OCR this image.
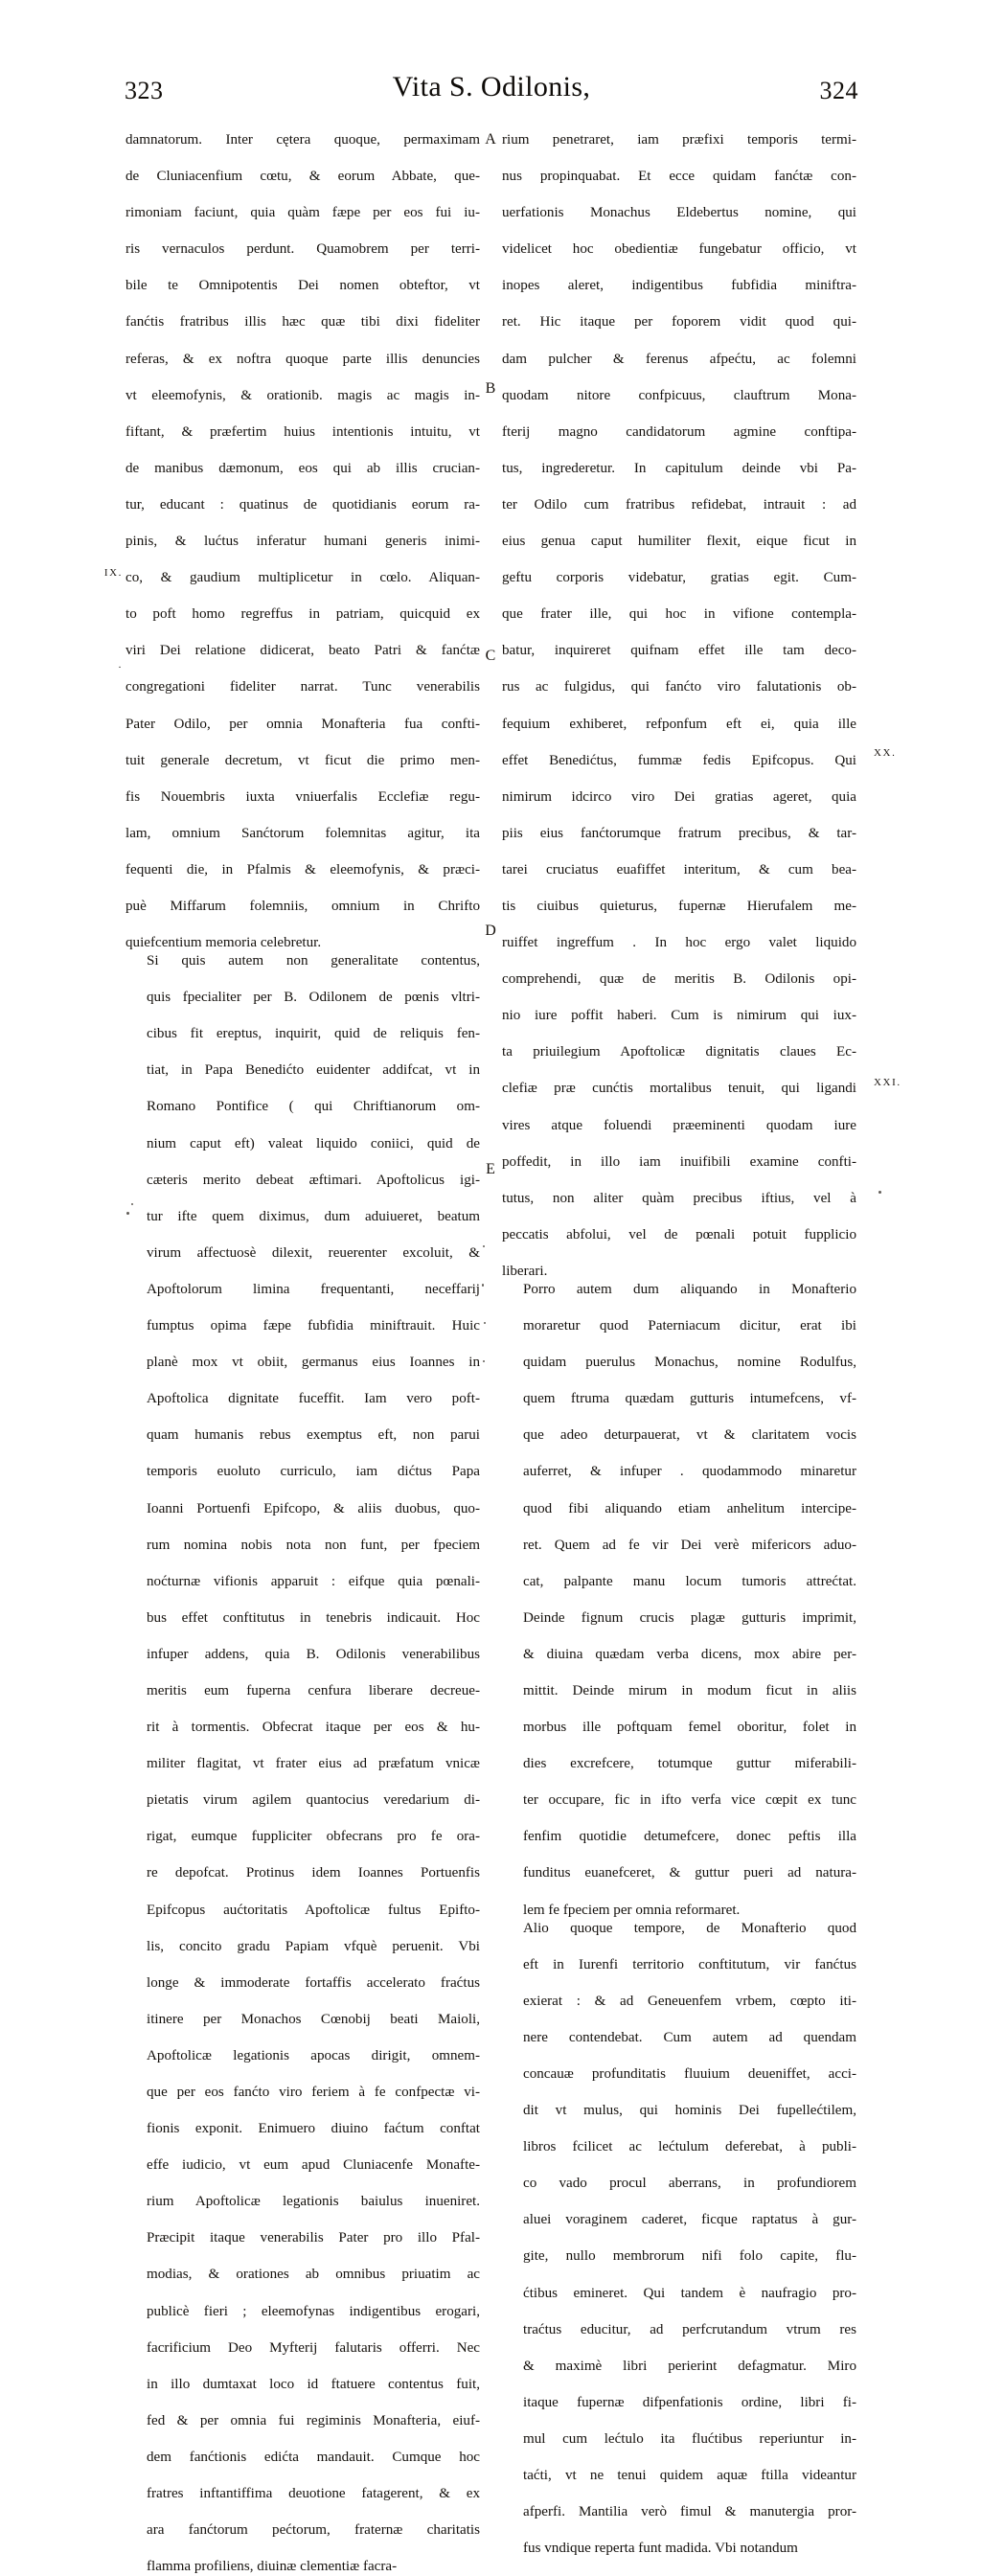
323	Vita S. Odilonis,	324

damnatorum. Inter cętera quoque, permaximam
de Cluniacenfium cœtu, & eorum Abbate, que-
rimoniam faciunt, quia quàm fæpe per eos fui iu-
ris vernaculos perdunt. Quamobrem per terri-
bile te Omnipotentis Dei nomen obteftor, vt
fanćtis fratribus illis hæc quæ tibi dixi fideliter
referas, & ex noftra quoque parte illis denuncies
vt eleemofynis, & orationib. magis ac magis in-
fiftant, & præfertim huius intentionis intuitu, vt
de manibus dæmonum, eos qui ab illis crucian-
tur, educant : quatinus de quotidianis eorum ra-
pinis, & lućtus inferatur humani generis inimi-
co, & gaudium multiplicetur in cœlo. Aliquan-
to poft homo regreffus in patriam, quicquid ex
viri Dei relatione didicerat, beato Patri & fanćtæ
congregationi fideliter narrat. Tunc venerabilis
Pater Odilo, per omnia Monafteria fua confti-
tuit generale decretum, vt ficut die primo men-
fis Nouembris iuxta vniuerfalis Ecclefiæ regu-
lam, omnium Sanćtorum folemnitas agitur, ita
fequenti die, in Pfalmis & eleemofynis, & præci-
puè Miffarum folemniis, omnium in Chrifto
quiefcentium memoria celebretur.

Si quis autem non generalitate contentus,
quis fpecialiter per B. Odilonem de pœnis vltri-
cibus fit ereptus, inquirit, quid de reliquis fen-
tiat, in Papa Benedićto euidenter addifcat, vt in
Romano Pontifice ( qui Chriftianorum om-
nium caput eft) valeat liquido coniici, quid de
cæteris merito debeat æftimari. Apoftolicus igi-
tur ifte quem diximus, dum aduiueret, beatum
virum affectuosè dilexit, reuerenter excoluit, &
Apoftolorum limina frequentanti, neceffarij
fumptus opima fæpe fubfidia miniftrauit. Huic
planè mox vt obiit, germanus eius Ioannes in
Apoftolica dignitate fuceffit. Iam vero poft-
quam humanis rebus exemptus eft, non parui
temporis euoluto curriculo, iam dićtus Papa
Ioanni Portuenfi Epifcopo, & aliis duobus, quo-
rum nomina nobis nota non funt, per fpeciem
noćturnæ vifionis apparuit : eifque quia pœnali-
bus effet conftitutus in tenebris indicauit. Hoc
infuper addens, quia B. Odilonis venerabilibus
meritis eum fuperna cenfura liberare decreue-
rit à tormentis. Obfecrat itaque per eos & hu-
militer flagitat, vt frater eius ad præfatum vnicæ
pietatis virum agilem quantocius veredarium di-
rigat, eumque fuppliciter obfecrans pro fe ora-
re depofcat. Protinus idem Ioannes Portuenfis
Epifcopus aućtoritatis Apoftolicæ fultus Epifto-
lis, concito gradu Papiam vfquè peruenit. Vbi
longe & immoderate fortaffis accelerato fraćtus
itinere per Monachos Cœnobij beati Maioli,
Apoftolicæ legationis apocas dirigit, omnem-
que per eos fanćto viro feriem à fe confpectæ vi-
fionis exponit. Enimuero diuino faćtum conftat
effe iudicio, vt eum apud Cluniacenfe Monafte-
rium Apoftolicæ legationis baiulus inueniret.
Præcipit itaque venerabilis Pater pro illo Pfal-
modias, & orationes ab omnibus priuatim ac
publicè fieri ; eleemofynas indigentibus erogari,
facrificium Deo Myfterij falutaris offerri. Nec
in illo dumtaxat loco id ftatuere contentus fuit,
fed & per omnia fui regiminis Monafteria, eiuf-
dem fanćtionis edićta mandauit. Cumque hoc
fratres inftantiffima deuotione fatagerent, & ex
ara fanćtorum pećtorum, fraternæ charitatis
flamma profiliens, diuinæ clementiæ facra-

rium penetraret, iam præfixi temporis termi-
nus propinquabat. Et ecce quidam fanćtæ con-
uerfationis Monachus Eldebertus nomine, qui
videlicet hoc obedientiæ fungebatur officio, vt
inopes aleret, indigentibus fubfidia miniftra-
ret. Hic itaque per foporem vidit quod qui-
dam pulcher & ferenus afpećtu, ac folemni
quodam nitore confpicuus, clauftrum Mona-
fterij magno candidatorum agmine conftipa-
tus, ingrederetur. In capitulum deinde vbi Pa-
ter Odilo cum fratribus refidebat, intrauit : ad
eius genua caput humiliter flexit, eique ficut in
geftu corporis videbatur, gratias egit. Cum-
que frater ille, qui hoc in vifione contempla-
batur, inquireret quifnam effet ille tam deco-
rus ac fulgidus, qui fanćto viro falutationis ob-
fequium exhiberet, refponfum eft ei, quia ille
effet Benedićtus, fummæ fedis Epifcopus. Qui
nimirum idcirco viro Dei gratias ageret, quia
piis eius fanćtorumque fratrum precibus, & tar-
tarei cruciatus euafiffet interitum, & cum bea-
tis ciuibus quieturus, fupernæ Hierufalem me-
ruiffet ingreffum . In hoc ergo valet liquido
comprehendi, quæ de meritis B. Odilonis opi-
nio iure poffit haberi. Cum is nimirum qui iux-
ta priuilegium Apoftolicæ dignitatis claues Ec-
clefiæ præ cunćtis mortalibus tenuit, qui ligandi
vires atque foluendi præeminenti quodam iure
poffedit, in illo iam inuifibili examine confti-
tutus, non aliter quàm precibus iftius, vel à
peccatis abfolui, vel de pœnali potuit fupplicio
liberari.

Porro autem dum aliquando in Monafterio
moraretur quod Paterniacum dicitur, erat ibi
quidam puerulus Monachus, nomine Rodulfus,
quem ftruma quædam gutturis intumefcens, vf-
que adeo deturpauerat, vt & claritatem vocis
auferret, & infuper . quodammodo minaretur
quod fibi aliquando etiam anhelitum intercipe-
ret. Quem ad fe vir Dei verè mifericors aduo-
cat, palpante manu locum tumoris attrećtat.
Deinde fignum crucis plagæ gutturis imprimit,
& diuina quædam verba dicens, mox abire per-
mittit. Deinde mirum in modum ficut in aliis
morbus ille poftquam femel oboritur, folet in
dies excrefcere, totumque guttur miferabili-
ter occupare, fic in ifto verfa vice cœpit ex tunc
fenfim quotidie detumefcere, donec peftis illa
funditus euanefceret, & guttur pueri ad natura-
lem fe fpeciem per omnia reformaret.

Alio quoque tempore, de Monafterio quod
eft in Iurenfi territorio conftitutum, vir fanćtus
exierat : & ad Geneuenfem vrbem, cœpto iti-
nere contendebat. Cum autem ad quendam
concauæ profunditatis fluuium deueniffet, acci-
dit vt mulus, qui hominis Dei fupellećtilem,
libros fcilicet ac lećtulum deferebat, à publi-
co vado procul aberrans, in profundiorem
aluei voraginem caderet, ficque raptatus à gur-
gite, nullo membrorum nifi folo capite, flu-
ćtibus emineret. Qui tandem è naufragio pro-
traćtus educitur, ad perfcrutandum vtrum res
& maximè libri perierint defagmatur. Miro
itaque fupernæ difpenfationis ordine, libri fi-
mul cum lećtulo ita flućtibus reperiuntur in-
taćti, vt ne tenui quidem aquæ ftilla videantur
afperfi. Mantilia verò fimul & manutergia pror-
fus vndique reperta funt madida. Vbi notandum

IX.
.
XX.
XXI.
A
B
C
D
E
